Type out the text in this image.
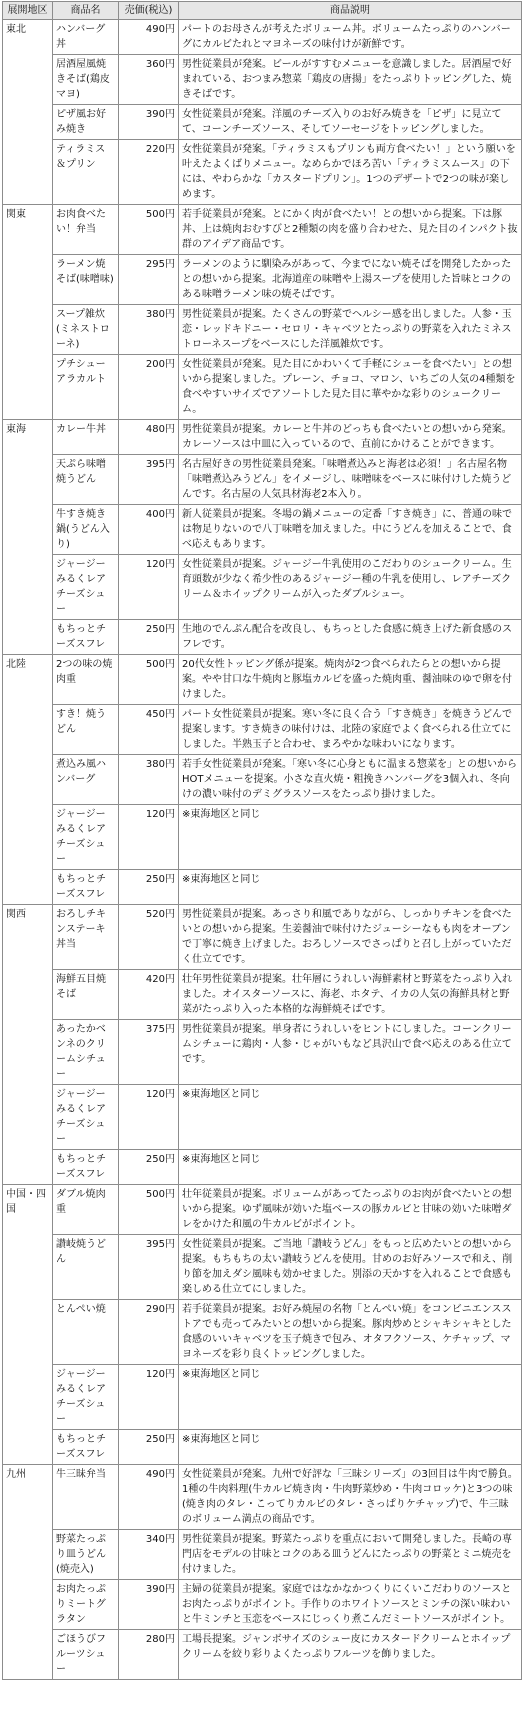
展開地区	商品名	売価(税込)	商品説明
東北	ハンバーグ丼	490円	パートのお母さんが考えたボリューム丼。ボリュームたっぷりのハンバーグにカルビたれとマヨネーズの味付けが新鮮です。
	居酒屋風焼きそば(鶏皮マヨ)	360円	男性従業員が発案。ビールがすすむメニューを意識しました。居酒屋で好まれている、おつまみ惣菜「鶏皮の唐揚」をたっぷりトッピングした、焼きそばです。
	ピザ風お好み焼き	390円	女性従業員が発案。洋風のチーズ入りのお好み焼きを「ピザ」に見立てて、コーンチーズソース、そしてソーセージをトッピングしました。
	ティラミス＆プリン	220円	女性従業員が発案。「ティラミスもプリンも両方食べたい！」という願いを叶えたよくばりメニュー。なめらかでほろ苦い「ティラミスムース」の下には、やわらかな「カスタードプリン」。1つのデザートで2つの味が楽しめます。
関東	お肉食べたい！弁当	500円	若手従業員が発案。とにかく肉が食べたい！との想いから提案。下は豚丼、上は焼肉おむすびと2種類の肉を盛り合わせた、見た目のインパクト抜群のアイデア商品です。
	ラーメン焼そば(味噌味)	295円	ラーメンのように馴染みがあって、今までにない焼そばを開発したかったとの想いから提案。北海道産の味噌や上湯スープを使用した旨味とコクのある味噌ラーメン味の焼そばです。
	スープ雑炊(ミネストローネ)	380円	男性従業員が提案。たくさんの野菜でヘルシー感を出しました。人参・玉恋・レッドキドニー・セロリ・キャベツとたっぷりの野菜を入れたミネストローネスープをベースにした洋風雑炊です。
	プチシューアラカルト	200円	女性従業員が発案。見た目にかわいくて手軽にシューを食べたい」との想いから提案しました。プレーン、チョコ、マロン、いちごの人気の4種類を食べやすいサイズでアソートした見た目に華やかな彩りのシュークリーム。
東海	カレー牛丼	480円	男性従業員が提案。カレーと牛丼のどっちも食べたいとの想いから発案。カレーソースは中皿に入っているので、直前にかけることができます。
	天ぷら味噌焼うどん	395円	名古屋好きの男性従業員発案。「味噌煮込みと海老は必須！」名古屋名物「味噌煮込みうどん」をイメージし、味噌味をベースに味付けした焼うどんです。名古屋の人気具材海老2本入り。
	牛すき焼き鍋(うどん入り)	400円	新人従業員が提案。冬場の鍋メニューの定番「すき焼き」に、普通の味では物足りないので八丁味噌を加えました。中にうどんを加えることで、食べ応えもあります。
	ジャージーみるくレアチーズシュー	120円	女性従業員が提案。ジャージー牛乳使用のこだわりのシュークリーム。生育頭数が少なく希少性のあるジャージー種の牛乳を使用し、レアチーズクリーム＆ホイップクリームが入ったダブルシュー。
	もちっとチーズスフレ	250円	生地のでんぷん配合を改良し、もちっとした食感に焼き上げた新食感のスフレです。
北陸	2つの味の焼肉重	500円	20代女性トッピング係が提案。焼肉が2つ食べられたらとの想いから提案。やや甘口な牛焼肉と豚塩カルビを盛った焼肉重、醤油味のゆで卵を付けました。
	すき！焼うどん	450円	パート女性従業員が提案。寒い冬に良く合う「すき焼き」を焼きうどんで提案します。すき焼きの味付けは、北陸の家庭でよく食べられる仕立てにしました。半熟玉子と合わせ、まろやかな味わいになります。
	煮込み風ハンバーグ	380円	若手女性従業員が発案。「寒い冬に心身ともに温まる惣菜を」との想いからHOTメニューを提案。小さな直火焼・粗挽きハンバーグを3個入れ、冬向けの濃い味付のデミグラスソースをたっぷり掛けました。
	ジャージーみるくレアチーズシュー	120円	※東海地区と同じ
	もちっとチーズスフレ	250円	※東海地区と同じ
関西	おろしチキンステーキ丼当	520円	男性従業員が提案。あっさり和風でありながら、しっかりチキンを食べたいとの想いから提案。生姜醤油で味付けたジューシーなもも肉をオーブンで丁寧に焼き上げました。おろしソースでさっぱりと召し上がっていただく仕立てです。
	海鮮五目焼そば	420円	壮年男性従業員が提案。壮年層にうれしい海鮮素材と野菜をたっぷり入れました。オイスターソースに、海老、ホタテ、イカの人気の海鮮具材と野菜がたっぷり入った本格的な海鮮焼そばです。
	あったかベンネのクリームシチュー	375円	男性従業員が提案。単身者にうれしいをヒントにしました。コーンクリームシチューに鶏肉・人参・じゃがいもなど具沢山で食べ応えのある仕立てです。
	ジャージーみるくレアチーズシュー	120円	※東海地区と同じ
	もちっとチーズスフレ	250円	※東海地区と同じ
中国・四国	ダブル焼肉重	500円	壮年従業員が提案。ボリュームがあってたっぷりのお肉が食べたいとの想いから提案。ゆず風味が効いた塩ベースの豚カルビと甘味の効いた味噌ダレをかけた和風の牛カルビがポイント。
	讃岐焼うどん	395円	女性従業員が提案。ご当地「讃岐うどん」をもっと広めたいとの想いから提案。もちもちの太い讃岐うどんを使用。甘めのお好みソースで和え、削り節を加えダシ風味も効かせました。別添の天かすを入れることで食感も楽しめる仕立てにしました。
	とんぺい焼	290円	若手従業員が提案。お好み焼屋の名物「とんぺい焼」をコンビニエンスストアでも売ってみたいとの想いから提案。豚肉炒めとシャキシャキとした食感のいいキャベツを玉子焼きで包み、オタフクソース、ケチャップ、マヨネーズを彩り良くトッピングしました。
	ジャージーみるくレアチーズシュー	120円	※東海地区と同じ
	もちっとチーズスフレ	250円	※東海地区と同じ
九州	牛三昧弁当	490円	女性従業員が発案。九州で好評な「三昧シリーズ」の3回目は牛肉で勝負。1種の牛肉料理(牛カルビ焼き肉・牛肉野菜炒め・牛肉コロッケ)と3つの味(焼き肉のタレ・こってりカルビのタレ・さっぱりケチャップ)で、牛三昧のボリューム満点の商品です。
	野菜たっぷり皿うどん(焼売入)	340円	男性従業員が提案。野菜たっぷりを重点において開発しました。長崎の専門店をモデルの甘味とコクのある皿うどんにたっぷりの野菜とミニ焼売を付けました。
	お肉たっぷりミートグラタン	390円	主婦の従業員が提案。家庭ではなかなかつくりにくいこだわりのソースとお肉たっぷりがポイント。手作りのホワイトソースとミンチの深い味わいと牛ミンチと玉恋をベースにじっくり煮こんだミートソースがポイント。
	ごほうびフルーツシュー	280円	工場長提案。ジャンボサイズのシュー皮にカスタードクリームとホイップクリームを絞り彩りよくたっぷりフルーツを飾りました。
